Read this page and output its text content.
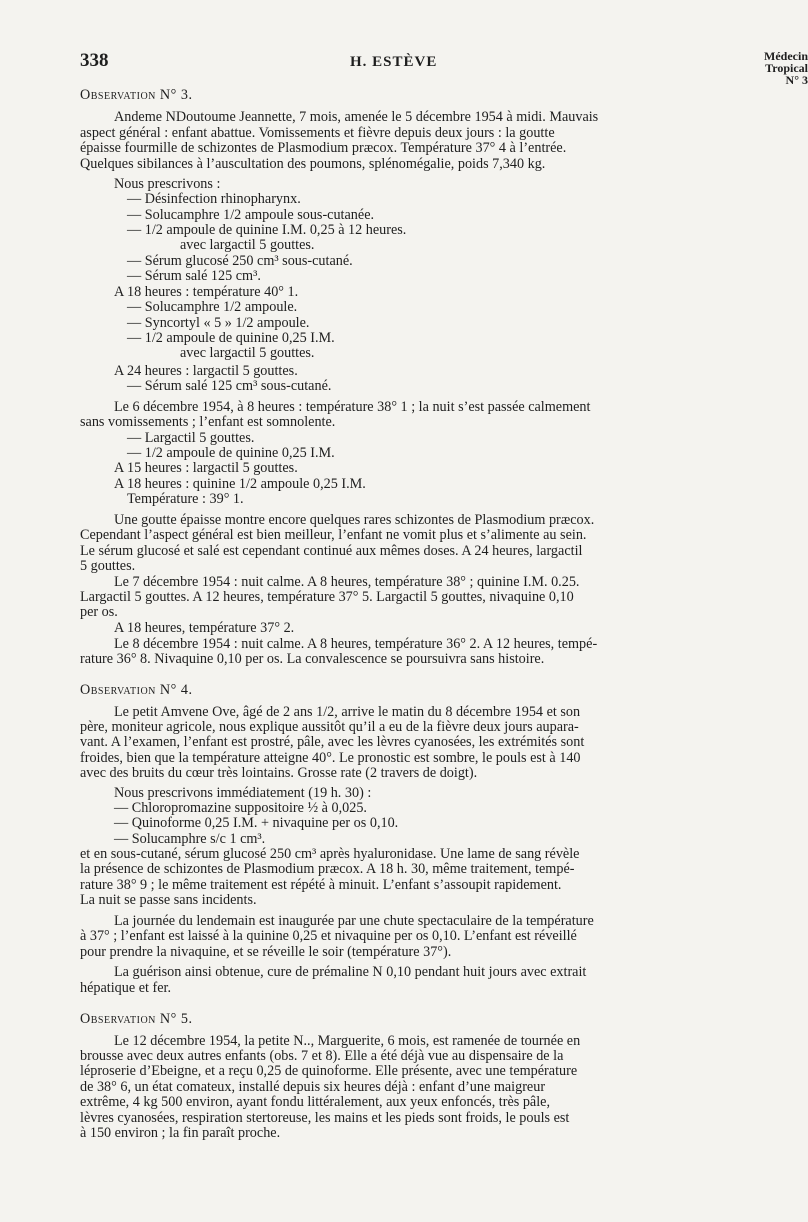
338	H. ESTÈVE	Médecin
Tropical
N° 3
Observation N° 3.
Andeme NDoutoume Jeannette, 7 mois, amenée le 5 décembre 1954 à midi. Mauvais
aspect général : enfant abattue. Vomissements et fièvre depuis deux jours : la goutte
épaisse fourmille de schizontes de Plasmodium præcox. Température 37° 4 à l’entrée.
Quelques sibilances à l’auscultation des poumons, splénomégalie, poids 7,340 kg.
Nous prescrivons :
— Désinfection rhinopharynx.
— Solucamphre 1/2 ampoule sous-cutanée.
— 1/2 ampoule de quinine I.M. 0,25 à 12 heures.
avec largactil 5 gouttes.
— Sérum glucosé 250 cm³ sous-cutané.
— Sérum salé 125 cm³.
A 18 heures : température 40° 1.
— Solucamphre 1/2 ampoule.
— Syncortyl « 5 » 1/2 ampoule.
— 1/2 ampoule de quinine 0,25 I.M.
avec largactil 5 gouttes.
A 24 heures : largactil 5 gouttes.
— Sérum salé 125 cm³ sous-cutané.
Le 6 décembre 1954, à 8 heures : température 38° 1 ; la nuit s’est passée calmement
sans vomissements ; l’enfant est somnolente.
— Largactil 5 gouttes.
— 1/2 ampoule de quinine 0,25 I.M.
A 15 heures : largactil 5 gouttes.
A 18 heures : quinine 1/2 ampoule 0,25 I.M.
Température : 39° 1.
Une goutte épaisse montre encore quelques rares schizontes de Plasmodium præcox.
Cependant l’aspect général est bien meilleur, l’enfant ne vomit plus et s’alimente au sein.
Le sérum glucosé et salé est cependant continué aux mêmes doses. A 24 heures, largactil
5 gouttes.
Le 7 décembre 1954 : nuit calme. A 8 heures, température 38° ; quinine I.M. 0.25.
Largactil 5 gouttes. A 12 heures, température 37° 5. Largactil 5 gouttes, nivaquine 0,10
per os.
A 18 heures, température 37° 2.
Le 8 décembre 1954 : nuit calme. A 8 heures, température 36° 2. A 12 heures, tempé-
rature 36° 8. Nivaquine 0,10 per os. La convalescence se poursuivra sans histoire.
Observation N° 4.
Le petit Amvene Ove, âgé de 2 ans 1/2, arrive le matin du 8 décembre 1954 et son
père, moniteur agricole, nous explique aussitôt qu’il a eu de la fièvre deux jours aupara-
vant. A l’examen, l’enfant est prostré, pâle, avec les lèvres cyanosées, les extrémités sont
froides, bien que la température atteigne 40°. Le pronostic est sombre, le pouls est à 140
avec des bruits du cœur très lointains. Grosse rate (2 travers de doigt).
Nous prescrivons immédiatement (19 h. 30) :
— Chloropromazine suppositoire ½ à 0,025.
— Quinoforme 0,25 I.M. + nivaquine per os 0,10.
— Solucamphre s/c 1 cm³.
et en sous-cutané, sérum glucosé 250 cm³ après hyaluronidase. Une lame de sang révèle
la présence de schizontes de Plasmodium præcox. A 18 h. 30, même traitement, tempé-
rature 38° 9 ; le même traitement est répété à minuit. L’enfant s’assoupit rapidement.
La nuit se passe sans incidents.
La journée du lendemain est inaugurée par une chute spectaculaire de la température
à 37° ; l’enfant est laissé à la quinine 0,25 et nivaquine per os 0,10. L’enfant est réveillé
pour prendre la nivaquine, et se réveille le soir (température 37°).
La guérison ainsi obtenue, cure de prémaline N 0,10 pendant huit jours avec extrait
hépatique et fer.
Observation N° 5.
Le 12 décembre 1954, la petite N.., Marguerite, 6 mois, est ramenée de tournée en
brousse avec deux autres enfants (obs. 7 et 8). Elle a été déjà vue au dispensaire de la
léproserie d’Ebeigne, et a reçu 0,25 de quinoforme. Elle présente, avec une température
de 38° 6, un état comateux, installé depuis six heures déjà : enfant d’une maigreur
extrême, 4 kg 500 environ, ayant fondu littéralement, aux yeux enfoncés, très pâle,
lèvres cyanosées, respiration stertoreuse, les mains et les pieds sont froids, le pouls est
à 150 environ ; la fin paraît proche.
